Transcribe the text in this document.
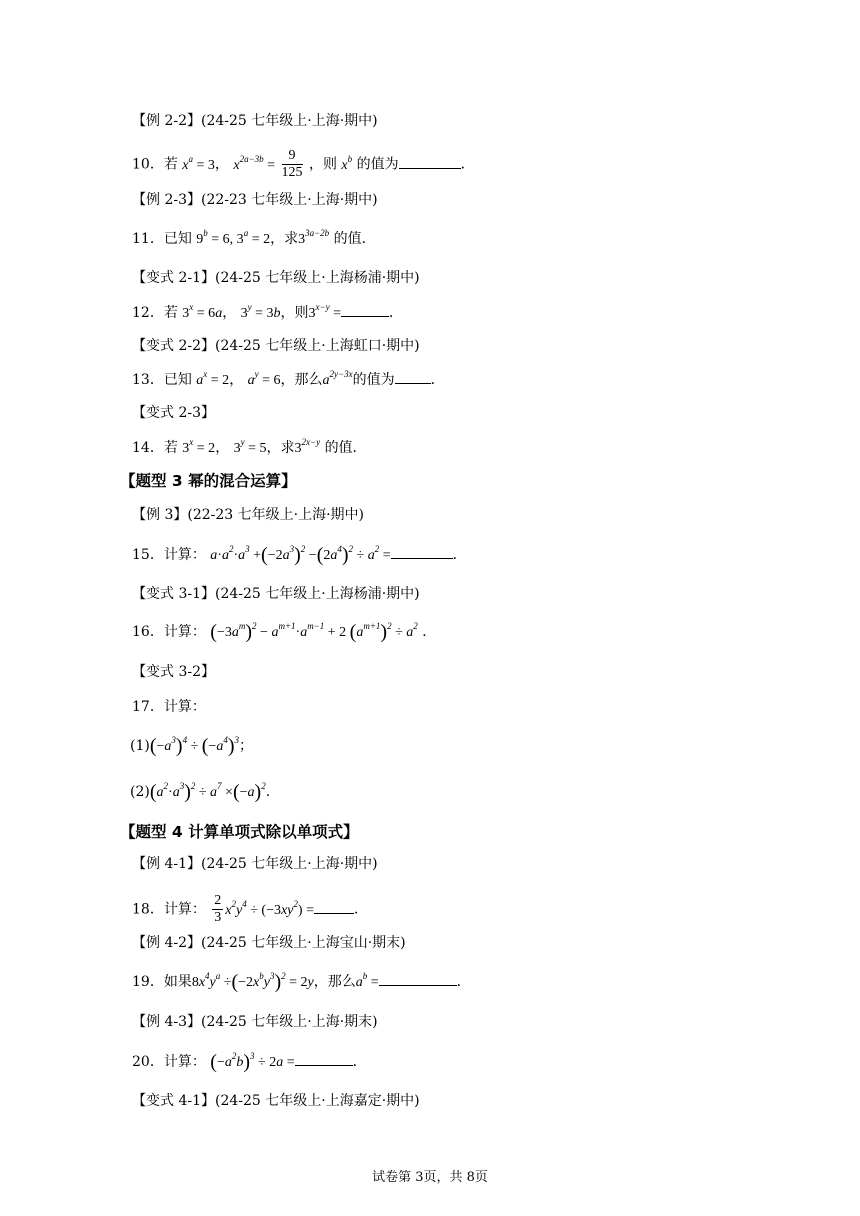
【例 2-2】(24-25 七年级上·上海·期中)
10．若 $x^a = 3$， $x^{2a-3b} = \frac{9}{125}$ ，则 $x^b$ 的值为	．
【例 2-3】(22-23 七年级上·上海·期中)
11．已知 $9^b = 6$, $3^a = 2$，求$3^{3a-2b}$ 的值．
【变式 2-1】(24-25 七年级上·上海杨浦·期中)
12．若 $3^x = 6a$， $3^y = 3b$，则$3^{x-y}$ =	．
【变式 2-2】(24-25 七年级上·上海虹口·期中)
13．已知 $a^x = 2$， $a^y = 6$，那么$a^{2y-3x}$的值为	．
【变式 2-3】
14．若 $3^x = 2$， $3^y = 5$，求$3^{2x-y}$ 的值．
【题型 3 幂的混合运算】
【例 3】(22-23 七年级上·上海·期中)
15．计算： $a\cdot a^2\cdot a^3 +(-2a^3)^2 -(2a^4)^2 \div a^2$ =	．
【变式 3-1】(24-25 七年级上·上海杨浦·期中)
16．计算： $(-3a^m)^2 - a^{m+1}\cdot a^{m-1} + 2$ $(a^{m+1})^2 \div a^2$ ．
【变式 3-2】
17．计算：
$(1)(-a^3)^4 \div (-a^4)^3$；
$(2)(a^2\cdot a^3)^2 \div a^7 \times(-a)^2$．
【题型 4 计算单项式除以单项式】
【例 4-1】(24-25 七年级上·上海·期中)
18．计算： $\frac{2}{3} x^2y^4 \div (-3xy^2)$ =	．
【例 4-2】(24-25 七年级上·上海宝山·期末)
19．如果$8x^4y^a \div(-2x^by^3)^2 = 2y$，那么$a^b$ =	．
【例 4-3】(24-25 七年级上·上海·期末)
20．计算： $(-a^2b)^3 \div 2a$ =	．
【变式 4-1】(24-25 七年级上·上海嘉定·期中)
试卷第 3页，共 8页
